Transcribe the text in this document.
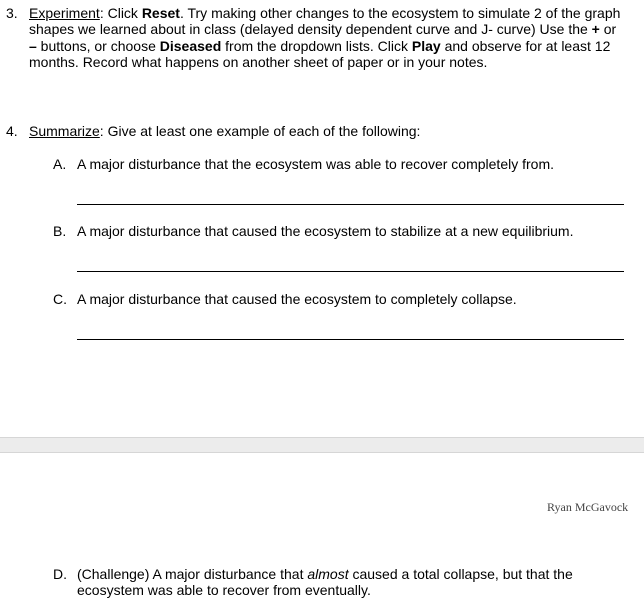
3. Experiment: Click Reset. Try making other changes to the ecosystem to simulate 2 of the graph shapes we learned about in class (delayed density dependent curve and J- curve) Use the + or – buttons, or choose Diseased from the dropdown lists. Click Play and observe for at least 12 months. Record what happens on another sheet of paper or in your notes.
4. Summarize: Give at least one example of each of the following:
A. A major disturbance that the ecosystem was able to recover completely from.
B. A major disturbance that caused the ecosystem to stabilize at a new equilibrium.
C. A major disturbance that caused the ecosystem to completely collapse.
Ryan McGavock
D. (Challenge) A major disturbance that almost caused a total collapse, but that the ecosystem was able to recover from eventually.
